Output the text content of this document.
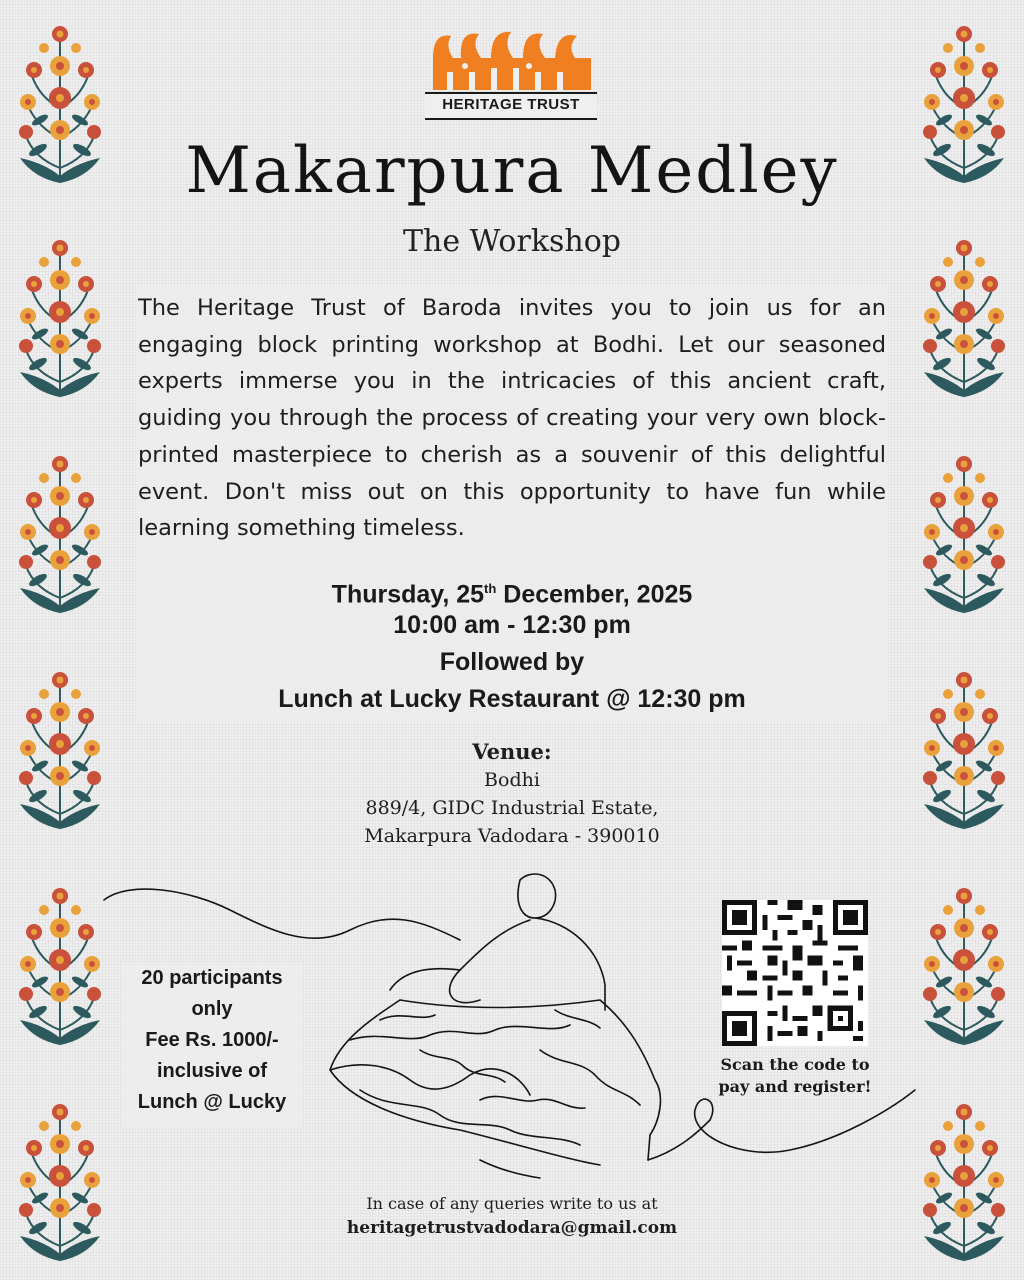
HERITAGE TRUST
Makarpura Medley
The Workshop

The Heritage Trust of Baroda invites you to join us for an engaging block printing workshop at Bodhi. Let our seasoned experts immerse you in the intricacies of this ancient craft, guiding you through the process of creating your very own block-printed masterpiece to cherish as a souvenir of this delightful event. Don't miss out on this opportunity to have fun while learning something timeless.

Thursday, 25th December, 2025
10:00 am - 12:30 pm
Followed by
Lunch at Lucky Restaurant @ 12:30 pm
Venue:
Bodhi
889/4, GIDC Industrial Estate,
Makarpura Vadodara - 390010
20 participants
only
Fee Rs. 1000/-
inclusive of
Lunch @ Lucky
Scan the code to
pay and register!
In case of any queries write to us at
heritagetrustvadodara@gmail.com
